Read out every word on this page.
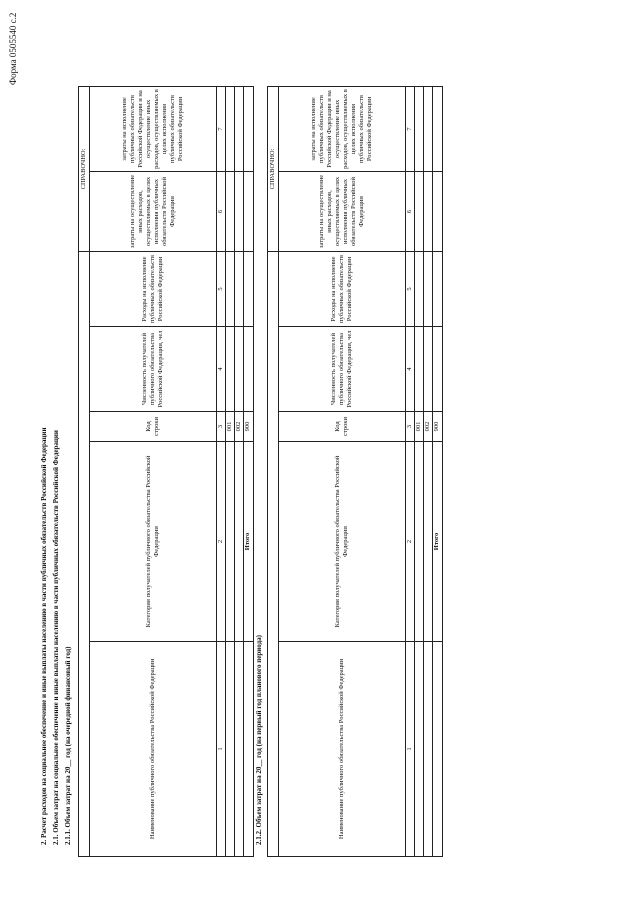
Форма 0505540 с.2
2. Расчет расходов на социальное обеспечение и иные выплаты населению в части публичных обязательств Российской Федерации 2.1. Объем затрат на социальное обеспечение и иные выплаты населению в части публичных обязательств Российской Федерации 2.1.1. Объем затрат на 20__ год (на очередной финансовый год)
					СПРАВОЧНО:	
Наименование публичного обязательства Российской Федерации	Категория получателей публичного обязательства Российской Федерации	Код строки	Численность получателей публичного обязательства Российской Федерации, чел	Расходы на исполнение публичных обязательств Российской Федерации	затраты на осуществление иных расходов, осуществляемых в целях исполнения публичных обязательств Российской Федерации	затраты на исполнение публичных обязательств Российской Федерации и на осуществление иных расходов, осуществляемых в целях исполнения публичных обязательств Российской Федерации
1	2	3	4	5	6	7
		001				
		002				
	Итого	900				
2.1.2. Объем затрат на 20__ год (на первый год планового периода)
					СПРАВОЧНО:	
Наименование публичного обязательства Российской Федерации	Категория получателей публичного обязательства Российской Федерации	Код строки	Численность получателей публичного обязательства Российской Федерации, чел	Расходы на исполнение публичных обязательств Российской Федерации	затраты на осуществление иных расходов, осуществляемых в целях исполнения публичных обязательств Российской Федерации	затраты на исполнение публичных обязательств Российской Федерации и на осуществление иных расходов, осуществляемых в целях исполнения публичных обязательств Российской Федерации
1	2	3	4	5	6	7
		001				
		002				
	Итого	900				
